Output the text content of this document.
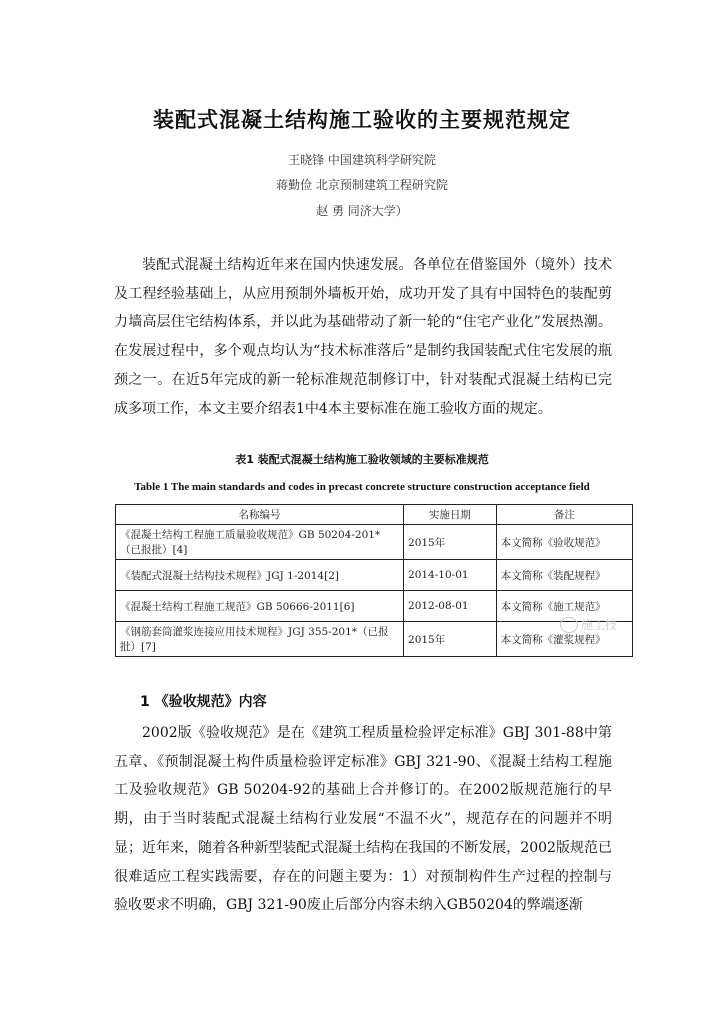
装配式混凝土结构施工验收的主要规范规定
王晓锋 中国建筑科学研究院
蒋勤俭 北京预制建筑工程研究院
赵 勇 同济大学）
装配式混凝土结构近年来在国内快速发展。各单位在借鉴国外（境外）技术及工程经验基础上，从应用预制外墙板开始，成功开发了具有中国特色的装配剪力墙高层住宅结构体系，并以此为基础带动了新一轮的“住宅产业化”发展热潮。在发展过程中，多个观点均认为“技术标准落后”是制约我国装配式住宅发展的瓶颈之一。在近5年完成的新一轮标准规范制修订中，针对装配式混凝土结构已完成多项工作，本文主要介绍表1中4本主要标准在施工验收方面的规定。
表1 装配式混凝土结构施工验收领域的主要标准规范
Table 1 The main standards and codes in precast concrete structure construction acceptance field
名称编号	实施日期	备注
《混凝土结构工程施工质量验收规范》GB 50204-201*（已报批）[4]	2015年	本文简称《验收规范》
《装配式混凝土结构技术规程》JGJ 1-2014[2]	2014-10-01	本文简称《装配规程》
《混凝土结构工程施工规范》GB 50666-2011[6]	2012-08-01	本文简称《施工规范》
《钢筋套筒灌浆连接应用技术规程》JGJ 355-201*（已报批）[7]	2015年	本文简称《灌浆规程》
施工技
1 《验收规范》内容
2002版《验收规范》是在《建筑工程质量检验评定标准》GBJ 301-88中第五章、《预制混凝土构件质量检验评定标准》GBJ 321-90、《混凝土结构工程施工及验收规范》GB 50204-92的基础上合并修订的。在2002版规范施行的早期，由于当时装配式混凝土结构行业发展“不温不火”，规范存在的问题并不明显；近年来，随着各种新型装配式混凝土结构在我国的不断发展，2002版规范已很难适应工程实践需要，存在的问题主要为：1）对预制构件生产过程的控制与验收要求不明确，GBJ 321-90废止后部分内容未纳入GB50204的弊端逐渐
